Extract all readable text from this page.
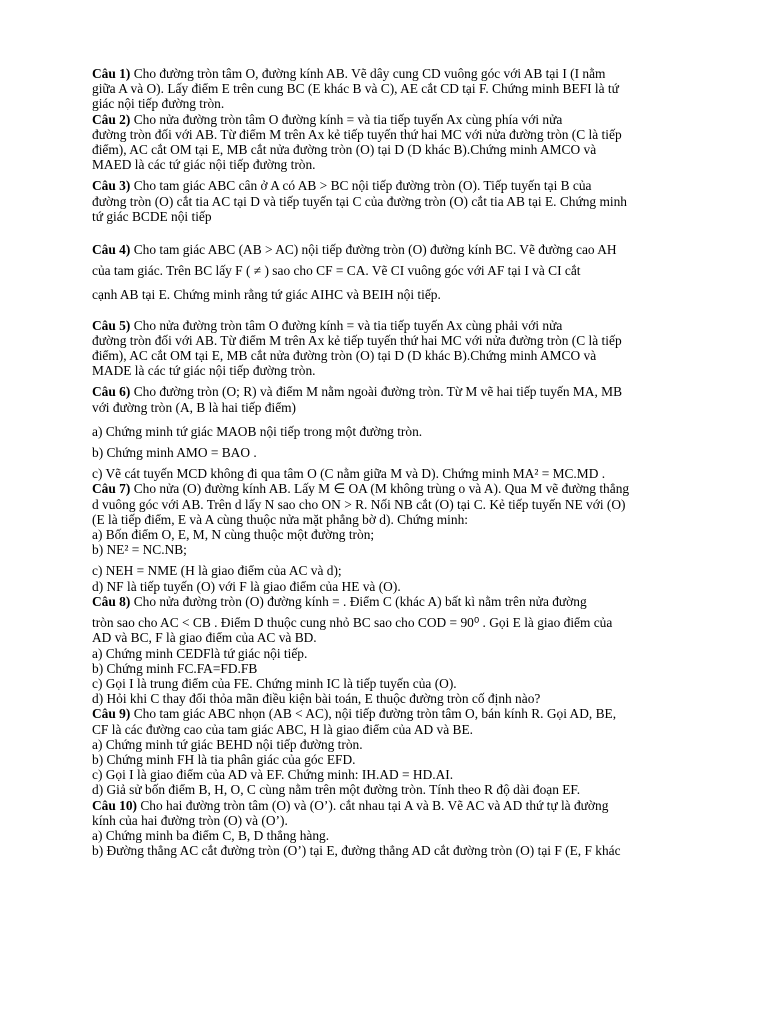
Câu 1) Cho đường tròn tâm O, đường kính AB. Vẽ dây cung CD vuông góc với AB tại I (I nằm

giữa A và O). Lấy điểm E trên cung BC (E khác B và C), AE cắt CD tại F. Chứng minh BEFI là tứ

giác nội tiếp đường tròn.

Câu 2) Cho nửa đường tròn tâm O đường kính = và tia tiếp tuyến Ax cùng phía với nửa

đường tròn đối với AB. Từ điểm M trên Ax kẻ tiếp tuyến thứ hai MC với nửa đường tròn (C là tiếp

điểm), AC cắt OM tại E, MB cắt nửa đường tròn (O) tại D (D khác B).Chứng minh AMCO và

MAED là các tứ giác nội tiếp đường tròn.

Câu 3) Cho tam giác ABC cân ở A có AB > BC nội tiếp đường tròn (O). Tiếp tuyến tại B của

đường tròn (O) cắt tia AC tại D và tiếp tuyến tại C của đường tròn (O) cắt tia AB tại E. Chứng minh

tứ giác BCDE nội tiếp

Câu 4) Cho tam giác ABC (AB > AC) nội tiếp đường tròn (O) đường kính BC. Vẽ đường cao AH

của tam giác. Trên BC lấy F ( ≠ ) sao cho CF = CA. Vẽ CI vuông góc với AF tại I và CI cắt

cạnh AB tại E. Chứng minh rằng tứ giác AIHC và BEIH nội tiếp.

Câu 5) Cho nửa đường tròn tâm O đường kính = và tia tiếp tuyến Ax cùng phải với nửa

đường tròn đối với AB. Từ điểm M trên Ax kẻ tiếp tuyến thứ hai MC với nửa đường tròn (C là tiếp

điểm), AC cắt OM tại E, MB cắt nửa đường tròn (O) tại D (D khác B).Chứng minh AMCO và

MADE là các tứ giác nội tiếp đường tròn.

Câu 6) Cho đường tròn (O; R) và điểm M nằm ngoài đường tròn. Từ M vẽ hai tiếp tuyến MA, MB

với đường tròn (A, B là hai tiếp điểm)

a) Chứng minh tứ giác MAOB nội tiếp trong một đường tròn.

b) Chứng minh AMO = BAO .

c) Vẽ cát tuyến MCD không đi qua tâm O (C nằm giữa M và D). Chứng minh MA² = MC.MD .

Câu 7) Cho nửa (O) đường kính AB. Lấy M ∈ OA (M không trùng o và A). Qua M vẽ đường thẳng

d vuông góc với AB. Trên d lấy N sao cho ON > R. Nối NB cắt (O) tại C. Kẻ tiếp tuyến NE với (O)

(E là tiếp điểm, E và A cùng thuộc nửa mặt phẳng bờ d). Chứng minh:

a) Bốn điểm O, E, M, N cùng thuộc một đường tròn;

b) NE² = NC.NB;

c) NEH = NME (H là giao điểm của AC và d);

d) NF là tiếp tuyến (O) với F là giao điểm của HE và (O).

Câu 8) Cho nửa đường tròn (O) đường kính = . Điểm C (khác A) bất kì nằm trên nửa đường

tròn sao cho AC < CB . Điểm D thuộc cung nhỏ BC sao cho COD = 90⁰ . Gọi E là giao điểm của

AD và BC, F là giao điểm của AC và BD.

a) Chứng minh CEDFlà tứ giác nội tiếp.

b) Chứng minh FC.FA=FD.FB

c) Gọi I là trung điểm của FE. Chứng minh IC là tiếp tuyến của (O).

d) Hỏi khi C thay đổi thỏa mãn điều kiện bài toán, E thuộc đường tròn cố định nào?

Câu 9) Cho tam giác ABC nhọn (AB < AC), nội tiếp đường tròn tâm O, bán kính R. Gọi AD, BE,

CF là các đường cao của tam giác ABC, H là giao điểm của AD và BE.

a) Chứng minh tứ giác BEHD nội tiếp đường tròn.

b) Chứng minh FH là tia phân giác của góc EFD.

c) Gọi I là giao điểm của AD và EF. Chứng minh: IH.AD = HD.AI.

d) Giả sử bốn điểm B, H, O, C cùng nằm trên một đường tròn. Tính theo R độ dài đoạn EF.

Câu 10) Cho hai đường tròn tâm (O) và (O’). cắt nhau tại A và B. Vẽ AC và AD thứ tự là đường

kính của hai đường tròn (O) và (O’).

a) Chứng minh ba điểm C, B, D thẳng hàng.

b) Đường thẳng AC cắt đường tròn (O’) tại E, đường thẳng AD cắt đường tròn (O) tại F (E, F khác
